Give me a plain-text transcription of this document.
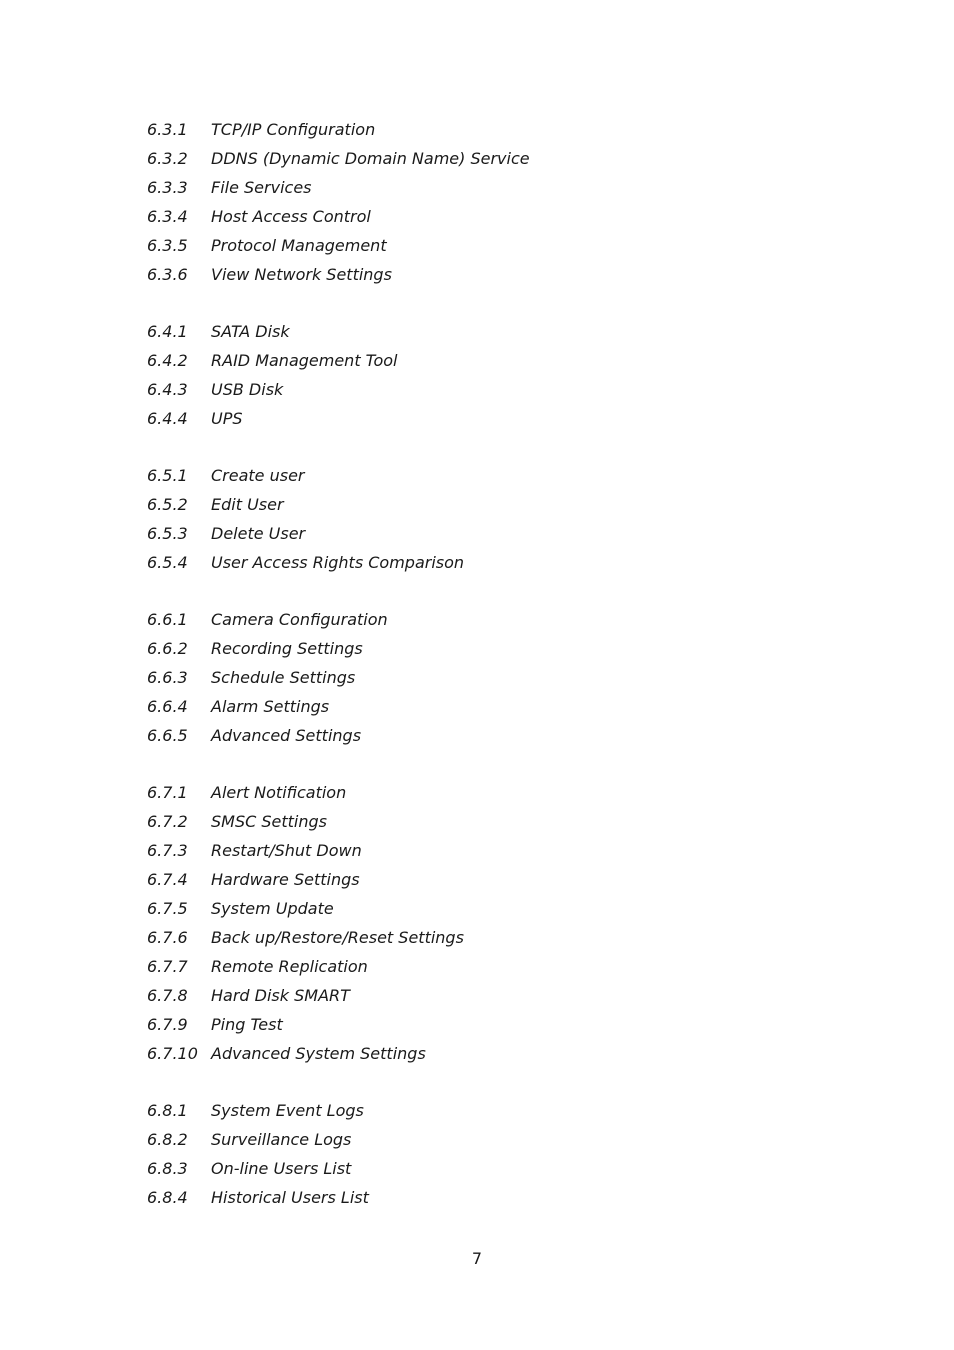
6.3.1	TCP/IP Configuration
6.3.2	DDNS (Dynamic Domain Name) Service
6.3.3	File Services
6.3.4	Host Access Control
6.3.5	Protocol Management
6.3.6	View Network Settings
6.4.1	SATA Disk
6.4.2	RAID Management Tool
6.4.3	USB Disk
6.4.4	UPS
6.5.1	Create user
6.5.2	Edit User
6.5.3	Delete User
6.5.4	User Access Rights Comparison
6.6.1	Camera Configuration
6.6.2	Recording Settings
6.6.3	Schedule Settings
6.6.4	Alarm Settings
6.6.5	Advanced Settings
6.7.1	Alert Notification
6.7.2	SMSC Settings
6.7.3	Restart/Shut Down
6.7.4	Hardware Settings
6.7.5	System Update
6.7.6	Back up/Restore/Reset Settings
6.7.7	Remote Replication
6.7.8	Hard Disk SMART
6.7.9	Ping Test
6.7.10 Advanced System Settings
6.8.1	System Event Logs
6.8.2	Surveillance Logs
6.8.3	On-line Users List
6.8.4	Historical Users List
7
